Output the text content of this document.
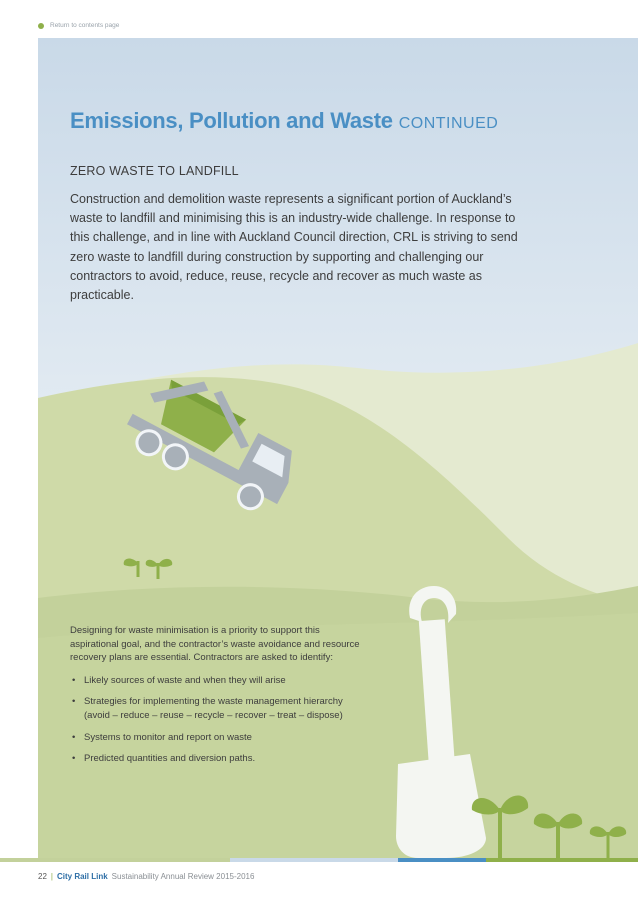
Return to contents page
Emissions, Pollution and Waste CONTINUED
ZERO WASTE TO LANDFILL

Construction and demolition waste represents a significant portion of Auckland’s waste to landfill and minimising this is an industry-wide challenge. In response to this challenge, and in line with Auckland Council direction, CRL is striving to send zero waste to landfill during construction by supporting and challenging our contractors to avoid, reduce, reuse, recycle and recover as much waste as practicable.

Designing for waste minimisation is a priority to support this aspirational goal, and the contractor’s waste avoidance and resource recovery plans are essential. Contractors are asked to identify:

• Likely sources of waste and when they will arise
• Strategies for implementing the waste management hierarchy (avoid – reduce – reuse – recycle – recover – treat – dispose)
• Systems to monitor and report on waste
• Predicted quantities and diversion paths.
22 | City Rail Link Sustainability Annual Review 2015-2016
